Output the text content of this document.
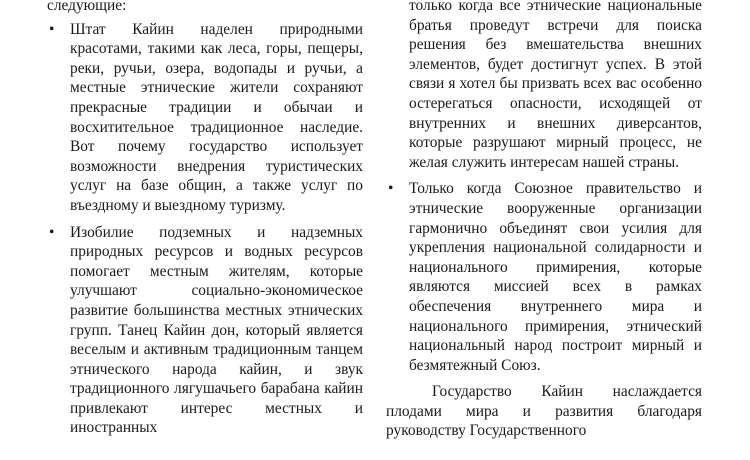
следующие:

• Штат Кайин наделен природными красотами, такими как леса, горы, пещеры, реки, ручьи, озера, водопады и ручьи, а местные этнические жители сохраняют прекрасные традиции и обычаи и восхитительное традиционное наследие. Вот почему государство использует возможности внедрения туристических услуг на базе общин, а также услуг по въездному и выездному туризму.
• Изобилие подземных и надземных природных ресурсов и водных ресурсов помогает местным жителям, которые улучшают социально-экономическое развитие большинства местных этнических групп. Танец Кайин дон, который является веселым и активным традиционным танцем этнического народа кайин, и звук традиционного лягушачьего барабана кайин привлекают интерес местных и иностранных

только когда все этнические национальные братья проведут встречи для поиска решения без вмешательства внешних элементов, будет достигнут успех. В этой связи я хотел бы призвать всех вас особенно остерегаться опасности, исходящей от внутренних и внешних диверсантов, которые разрушают мирный процесс, не желая служить интересам нашей страны.

• Только когда Союзное правительство и этнические вооруженные организации гармонично объединят свои усилия для укрепления национальной солидарности и национального примирения, которые являются миссией всех в рамках обеспечения внутреннего мира и национального примирения, этнический национальный народ построит мирный и безмятежный Союз.

Государство Кайин наслаждается плодами мира и развития благодаря руководству Государственного
